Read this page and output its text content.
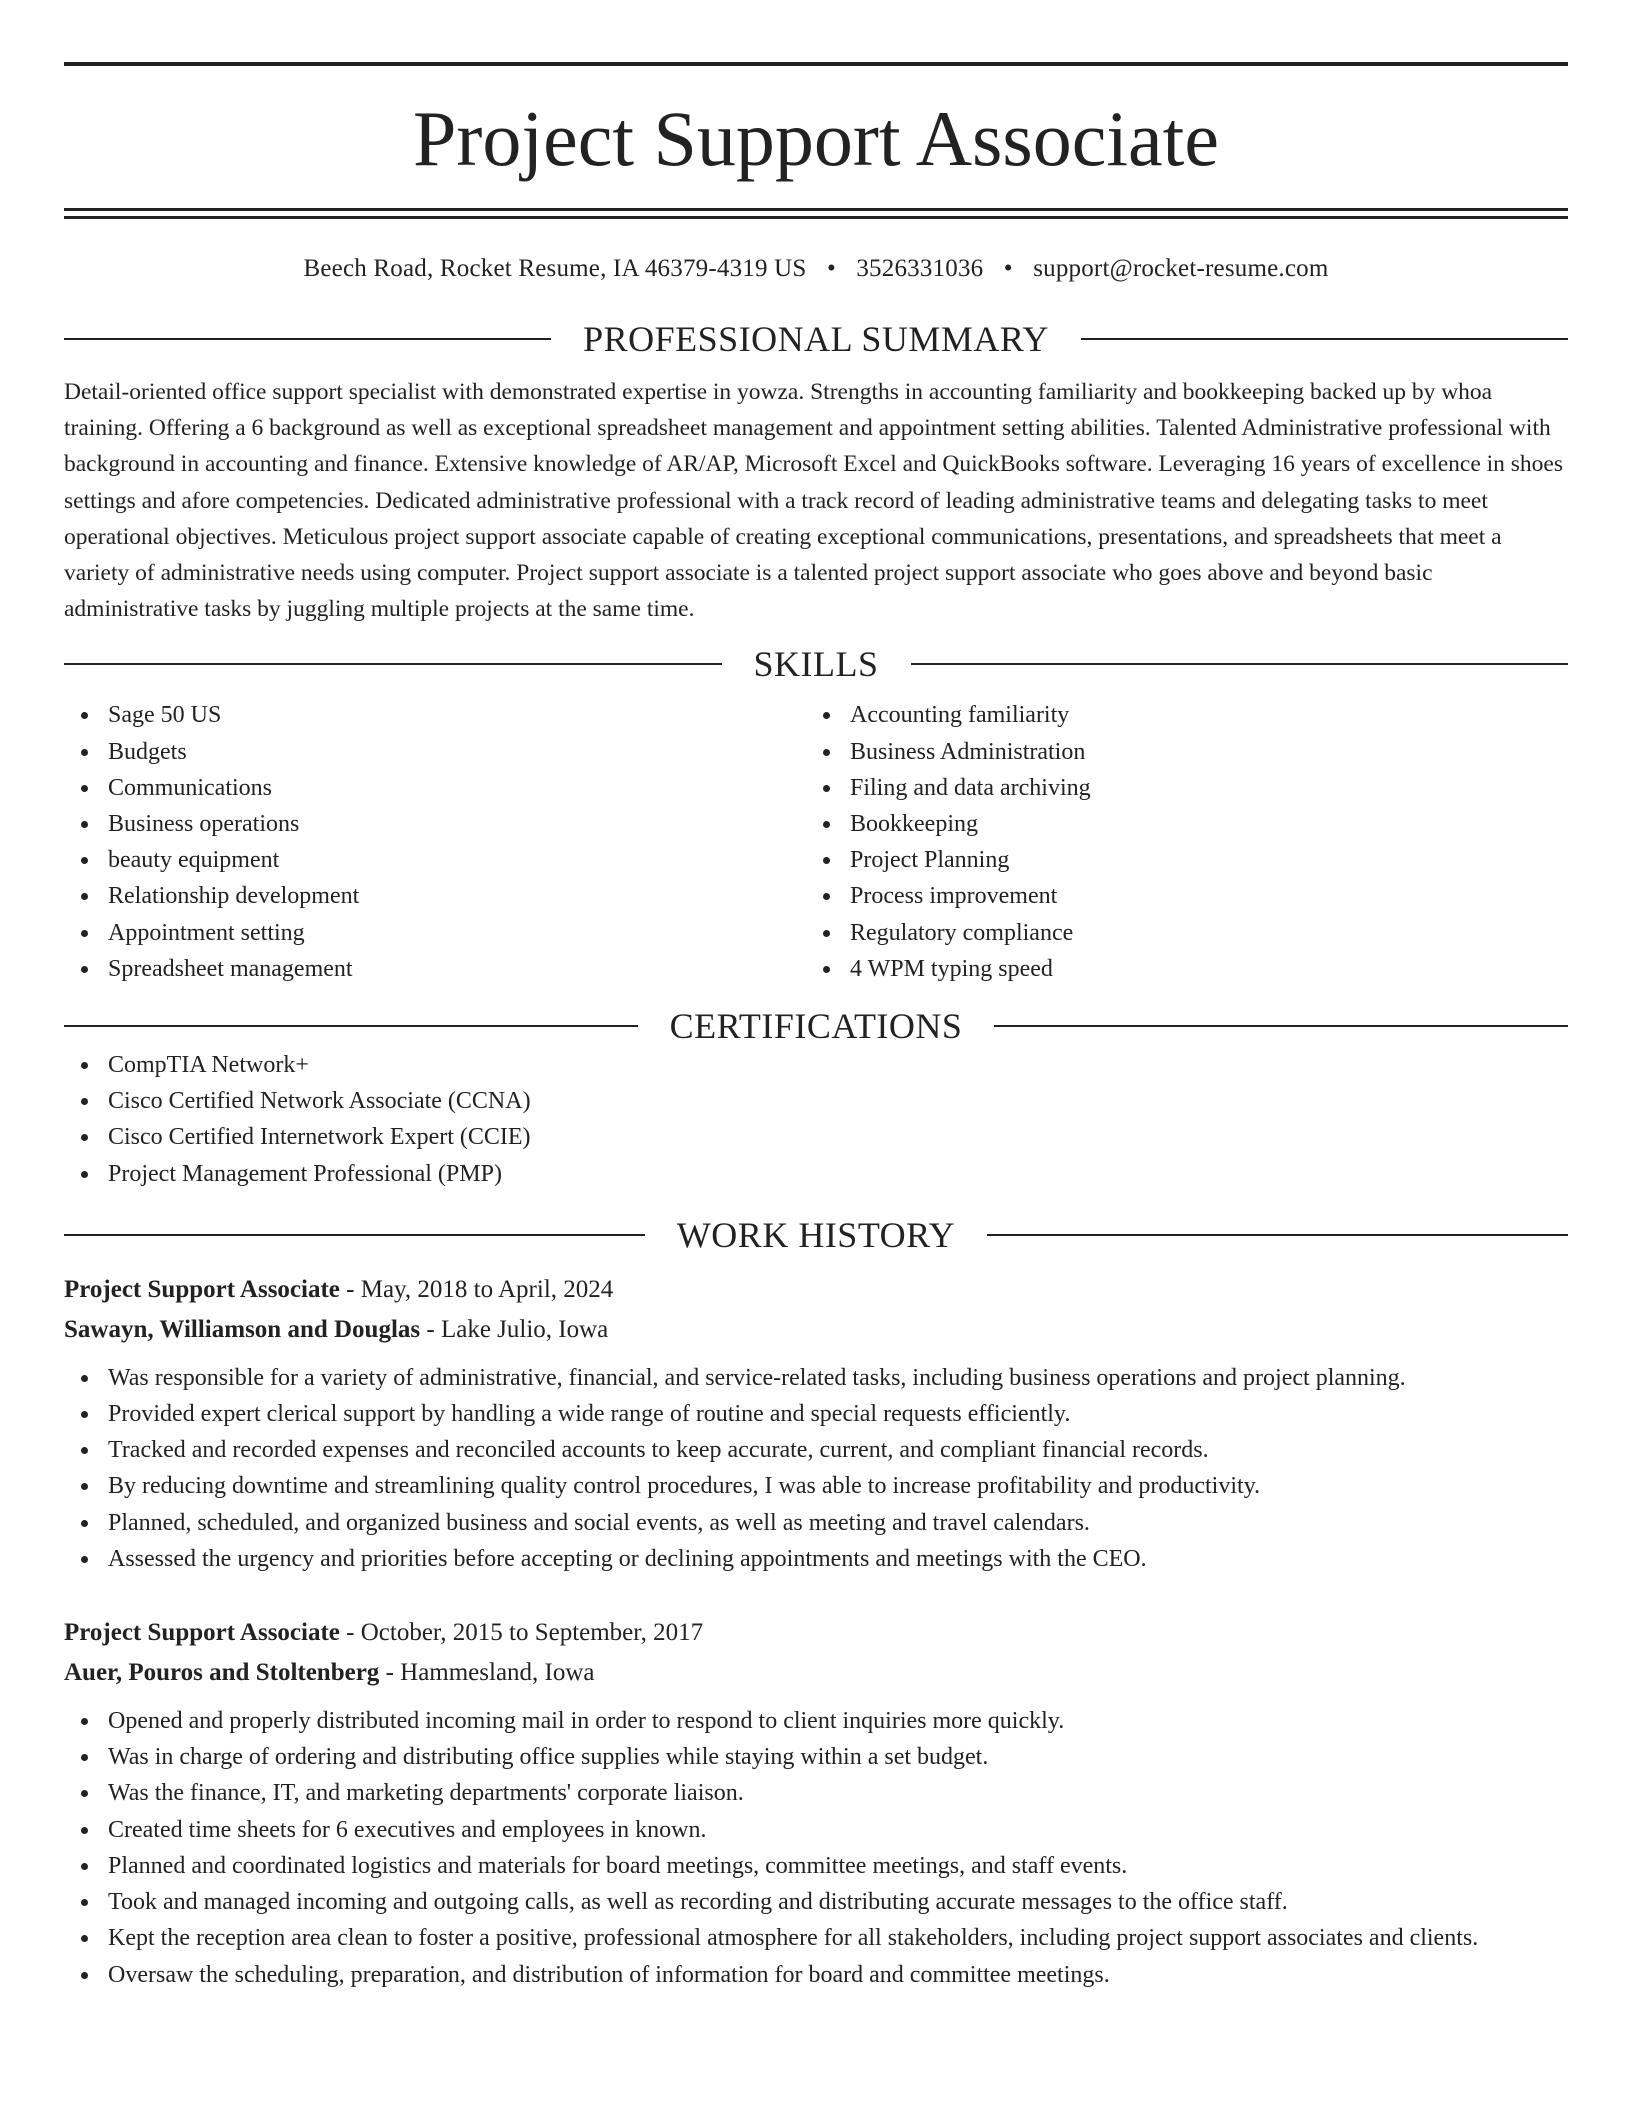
Project Support Associate
Beech Road, Rocket Resume, IA 46379-4319 US • 3526331036 • support@rocket-resume.com
PROFESSIONAL SUMMARY

Detail-oriented office support specialist with demonstrated expertise in yowza. Strengths in accounting familiarity and bookkeeping backed up by whoa training. Offering a 6 background as well as exceptional spreadsheet management and appointment setting abilities. Talented Administrative professional with background in accounting and finance. Extensive knowledge of AR/AP, Microsoft Excel and QuickBooks software. Leveraging 16 years of excellence in shoes settings and afore competencies. Dedicated administrative professional with a track record of leading administrative teams and delegating tasks to meet operational objectives. Meticulous project support associate capable of creating exceptional communications, presentations, and spreadsheets that meet a variety of administrative needs using computer. Project support associate is a talented project support associate who goes above and beyond basic administrative tasks by juggling multiple projects at the same time.

SKILLS
Sage 50 US
Budgets
Communications
Business operations
beauty equipment
Relationship development
Appointment setting
Spreadsheet management
Accounting familiarity
Business Administration
Filing and data archiving
Bookkeeping
Project Planning
Process improvement
Regulatory compliance
4 WPM typing speed
CERTIFICATIONS
CompTIA Network+
Cisco Certified Network Associate (CCNA)
Cisco Certified Internetwork Expert (CCIE)
Project Management Professional (PMP)
WORK HISTORY
Project Support Associate - May, 2018 to April, 2024
Sawayn, Williamson and Douglas - Lake Julio, Iowa
Was responsible for a variety of administrative, financial, and service-related tasks, including business operations and project planning.
Provided expert clerical support by handling a wide range of routine and special requests efficiently.
Tracked and recorded expenses and reconciled accounts to keep accurate, current, and compliant financial records.
By reducing downtime and streamlining quality control procedures, I was able to increase profitability and productivity.
Planned, scheduled, and organized business and social events, as well as meeting and travel calendars.
Assessed the urgency and priorities before accepting or declining appointments and meetings with the CEO.
Project Support Associate - October, 2015 to September, 2017
Auer, Pouros and Stoltenberg - Hammesland, Iowa
Opened and properly distributed incoming mail in order to respond to client inquiries more quickly.
Was in charge of ordering and distributing office supplies while staying within a set budget.
Was the finance, IT, and marketing departments' corporate liaison.
Created time sheets for 6 executives and employees in known.
Planned and coordinated logistics and materials for board meetings, committee meetings, and staff events.
Took and managed incoming and outgoing calls, as well as recording and distributing accurate messages to the office staff.
Kept the reception area clean to foster a positive, professional atmosphere for all stakeholders, including project support associates and clients.
Oversaw the scheduling, preparation, and distribution of information for board and committee meetings.
